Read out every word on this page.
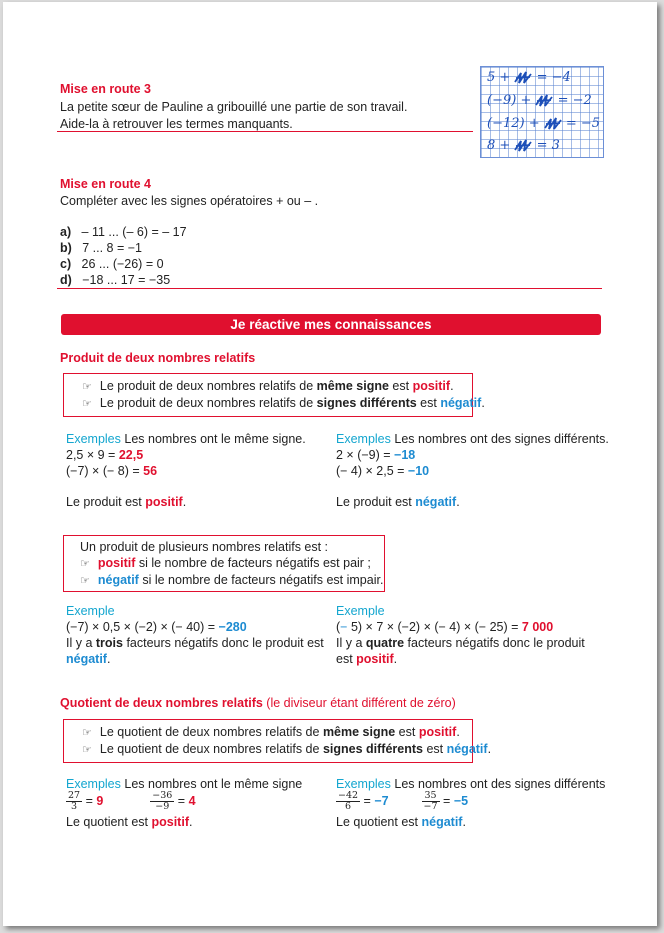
Mise en route 3
La petite sœur de Pauline a gribouillé une partie de son travail.
Aide-la à retrouver les termes manquants.
5 + = −4
(−9) + = −2
(−12) + = −5
8 + = 3
Mise en route 4
Compléter avec les signes opératoires + ou – .
a) – 11 ... (– 6) = – 17
b) 7 ... 8 = −1
c) 26 ... (−26) = 0
d) −18 ... 17 = −35
Je réactive mes connaissances
Produit de deux nombres relatifs
☞ Le produit de deux nombres relatifs de même signe est positif.
☞ Le produit de deux nombres relatifs de signes différents est négatif.
Exemples Les nombres ont le même signe.
2,5 × 9 = 22,5
(−7) × (− 8) = 56
Le produit est positif.
Exemples Les nombres ont des signes différents.
2 × (−9) = −18
(− 4) × 2,5 = −10
Le produit est négatif.
Un produit de plusieurs nombres relatifs est :
☞ positif si le nombre de facteurs négatifs est pair ;
☞ négatif si le nombre de facteurs négatifs est impair.
Exemple
(−7) × 0,5 × (−2) × (− 40) = −280
Il y a trois facteurs négatifs donc le produit est
négatif.
Exemple
(− 5) × 7 × (−2) × (− 4) × (− 25) = 7 000
Il y a quatre facteurs négatifs donc le produit
est positif.
Quotient de deux nombres relatifs (le diviseur étant différent de zéro)
☞ Le quotient de deux nombres relatifs de même signe est positif.
☞ Le quotient de deux nombres relatifs de signes différents est négatif.
Exemples Les nombres ont le même signe
$\frac{27}{3} = 9$	$\frac{-36}{-9} = 4$
Le quotient est positif.
Exemples Les nombres ont des signes différents
$\frac{-42}{6} = -7$	$\frac{35}{-7} = -5$
Le quotient est négatif.
